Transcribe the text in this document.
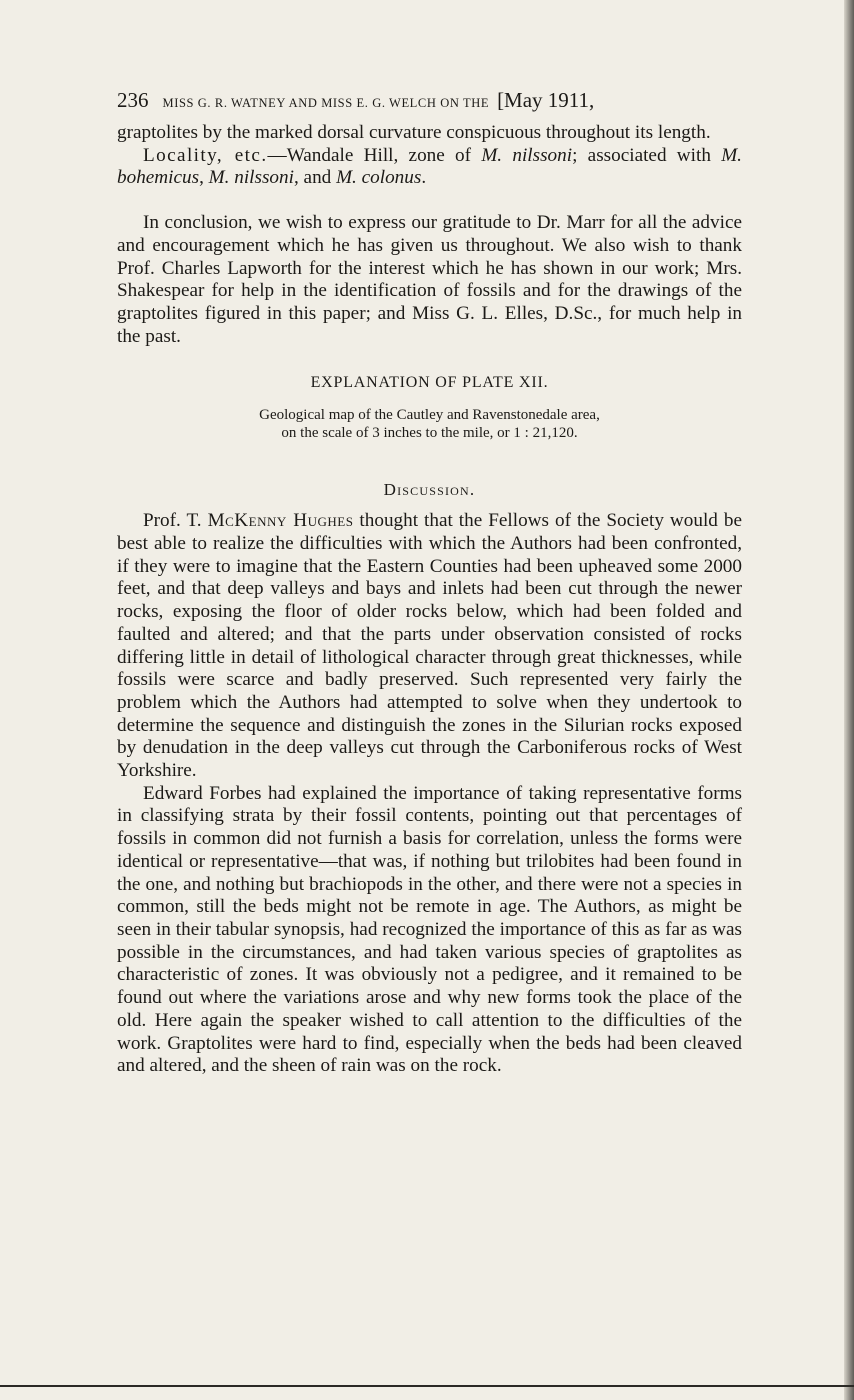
236 MISS G. R. WATNEY AND MISS E. G. WELCH ON THE [May 1911,

graptolites by the marked dorsal curvature conspicuous throughout its length.

Locality, etc.—Wandale Hill, zone of M. nilssoni; associated with M. bohemicus, M. nilssoni, and M. colonus.

In conclusion, we wish to express our gratitude to Dr. Marr for all the advice and encouragement which he has given us throughout. We also wish to thank Prof. Charles Lapworth for the interest which he has shown in our work; Mrs. Shakespear for help in the identification of fossils and for the drawings of the graptolites figured in this paper; and Miss G. L. Elles, D.Sc., for much help in the past.

EXPLANATION OF PLATE XII.
Geological map of the Cautley and Ravenstonedale area,
on the scale of 3 inches to the mile, or 1 : 21,120.
Discussion.

Prof. T. McKenny Hughes thought that the Fellows of the Society would be best able to realize the difficulties with which the Authors had been confronted, if they were to imagine that the Eastern Counties had been upheaved some 2000 feet, and that deep valleys and bays and inlets had been cut through the newer rocks, exposing the floor of older rocks below, which had been folded and faulted and altered; and that the parts under observation consisted of rocks differing little in detail of lithological character through great thicknesses, while fossils were scarce and badly preserved. Such represented very fairly the problem which the Authors had attempted to solve when they undertook to determine the sequence and distinguish the zones in the Silurian rocks exposed by denudation in the deep valleys cut through the Carboniferous rocks of West Yorkshire.

Edward Forbes had explained the importance of taking representative forms in classifying strata by their fossil contents, pointing out that percentages of fossils in common did not furnish a basis for correlation, unless the forms were identical or representative—that was, if nothing but trilobites had been found in the one, and nothing but brachiopods in the other, and there were not a species in common, still the beds might not be remote in age. The Authors, as might be seen in their tabular synopsis, had recognized the importance of this as far as was possible in the circumstances, and had taken various species of graptolites as characteristic of zones. It was obviously not a pedigree, and it remained to be found out where the variations arose and why new forms took the place of the old. Here again the speaker wished to call attention to the difficulties of the work. Graptolites were hard to find, especially when the beds had been cleaved and altered, and the sheen of rain was on the rock.
